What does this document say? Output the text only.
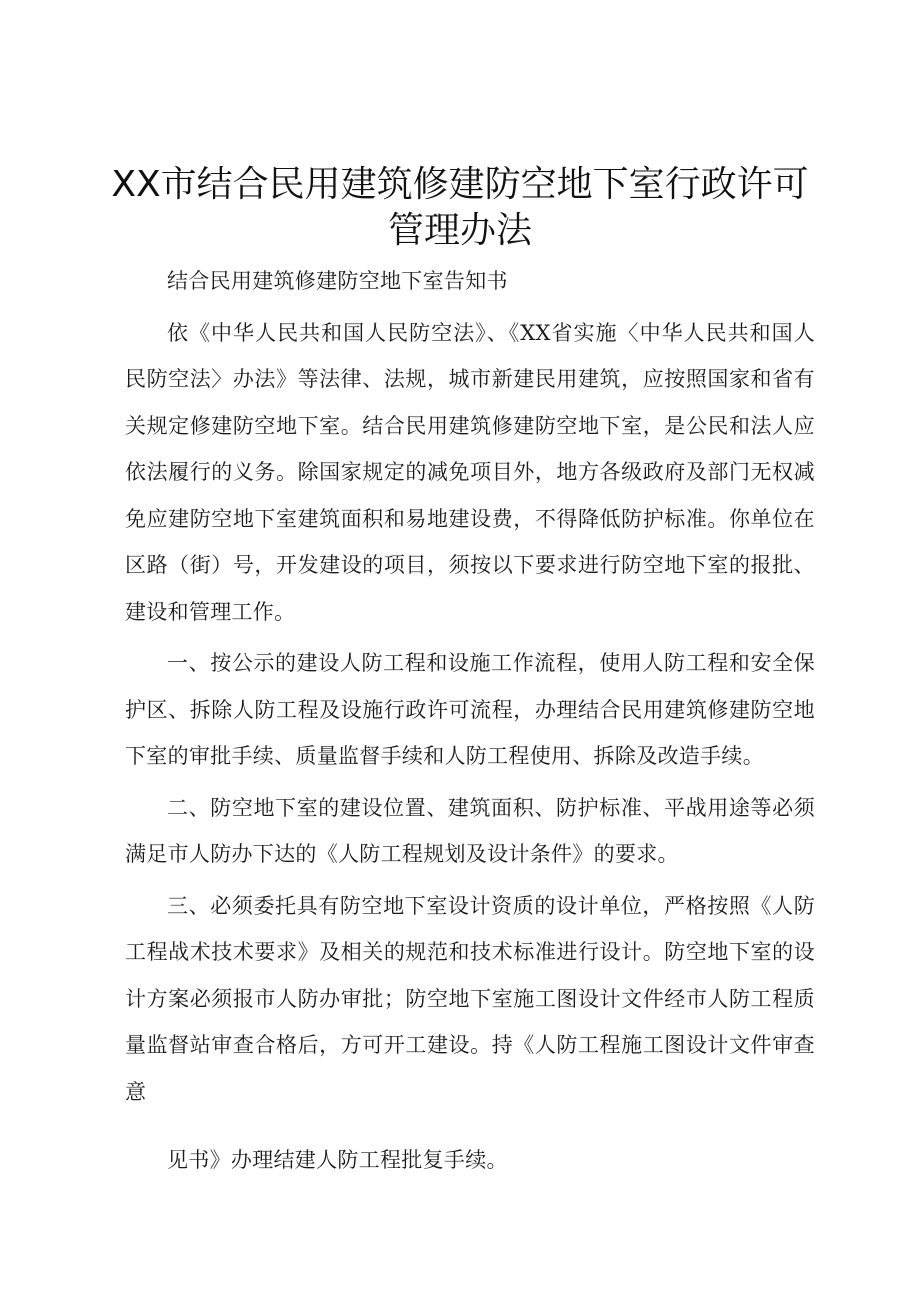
XX市结合民用建筑修建防空地下室行政许可
管理办法

结合民用建筑修建防空地下室告知书

依《中华人民共和国人民防空法》、《XX省实施〈中华人民共和国人民防空法〉办法》等法律、法规，城市新建民用建筑，应按照国家和省有关规定修建防空地下室。结合民用建筑修建防空地下室，是公民和法人应依法履行的义务。除国家规定的减免项目外，地方各级政府及部门无权减免应建防空地下室建筑面积和易地建设费，不得降低防护标准。你单位在区路（街）号，开发建设的项目，须按以下要求进行防空地下室的报批、建设和管理工作。

一、按公示的建设人防工程和设施工作流程，使用人防工程和安全保护区、拆除人防工程及设施行政许可流程，办理结合民用建筑修建防空地下室的审批手续、质量监督手续和人防工程使用、拆除及改造手续。

二、防空地下室的建设位置、建筑面积、防护标准、平战用途等必须满足市人防办下达的《人防工程规划及设计条件》的要求。

三、必须委托具有防空地下室设计资质的设计单位，严格按照《人防工程战术技术要求》及相关的规范和技术标准进行设计。防空地下室的设计方案必须报市人防办审批；防空地下室施工图设计文件经市人防工程质量监督站审查合格后，方可开工建设。持《人防工程施工图设计文件审查意

见书》办理结建人防工程批复手续。
